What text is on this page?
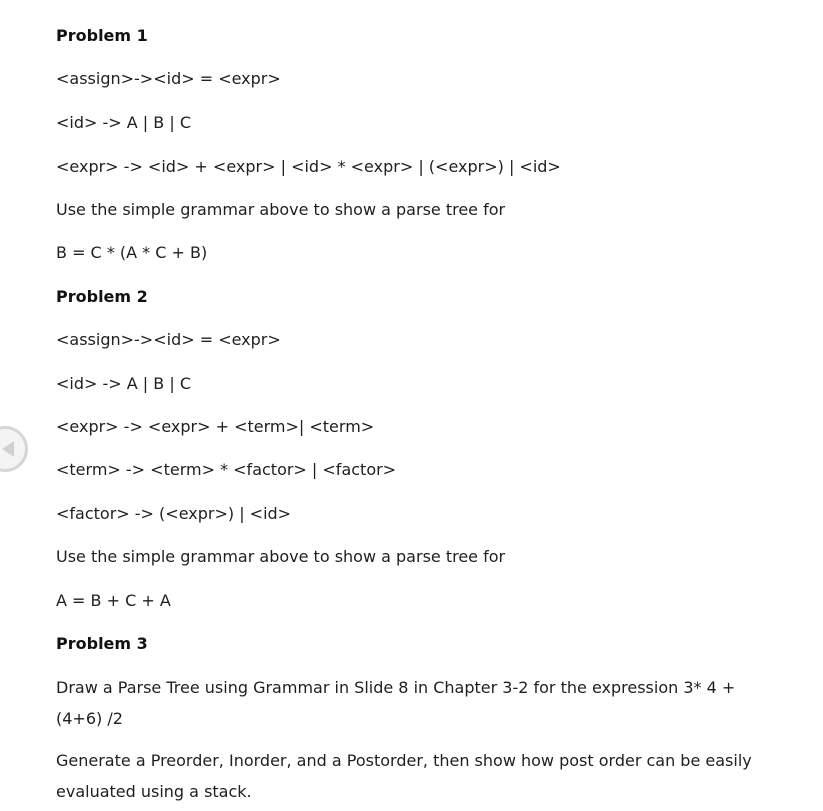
Problem 1
<assign>-><id> = <expr>
<id> -> A | B | C
<expr> -> <id> + <expr> | <id> * <expr> | (<expr>) | <id>
Use the simple grammar above to show a parse tree for
B = C * (A * C + B)
Problem 2
<assign>-><id> = <expr>
<id> -> A | B | C
<expr> -> <expr> + <term>| <term>
<term> -> <term> * <factor> | <factor>
<factor> -> (<expr>) | <id>
Use the simple grammar above to show a parse tree for
A = B + C + A
Problem 3
Draw a Parse Tree using Grammar in Slide 8 in Chapter 3-2 for the expression 3* 4 + (4+6) /2
Generate a Preorder, Inorder, and a Postorder, then show how post order can be easily evaluated using a stack.
